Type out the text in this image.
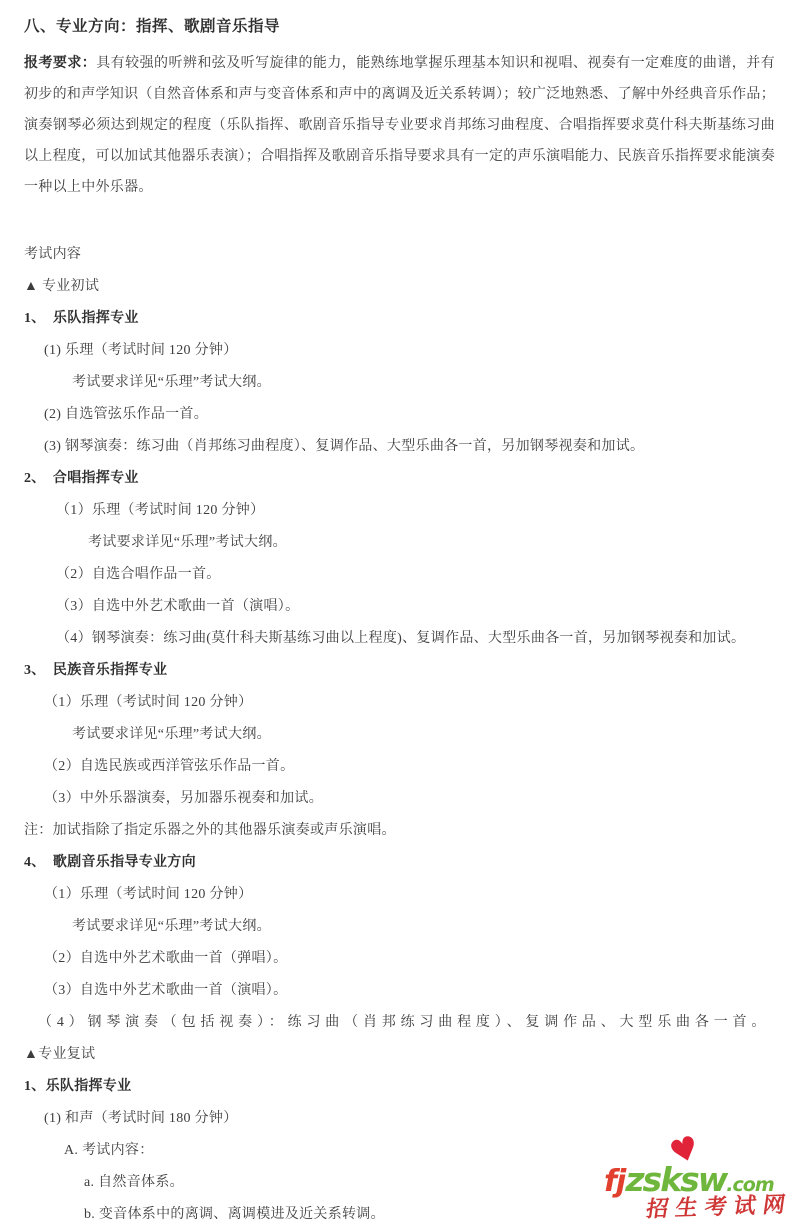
八、专业方向：指挥、歌剧音乐指导

报考要求：具有较强的听辨和弦及听写旋律的能力，能熟练地掌握乐理基本知识和视唱、视奏有一定难度的曲谱，并有初步的和声学知识（自然音体系和声与变音体系和声中的离调及近关系转调）；较广泛地熟悉、了解中外经典音乐作品；演奏钢琴必须达到规定的程度（乐队指挥、歌剧音乐指导专业要求肖邦练习曲程度、合唱指挥要求莫什科夫斯基练习曲以上程度，可以加试其他器乐表演）；合唱指挥及歌剧音乐指导要求具有一定的声乐演唱能力、民族音乐指挥要求能演奏一种以上中外乐器。

考试内容
▲ 专业初试
1、　乐队指挥专业
(1) 乐理（考试时间 120 分钟）
考试要求详见“乐理”考试大纲。
(2) 自选管弦乐作品一首。
(3) 钢琴演奏：练习曲（肖邦练习曲程度）、复调作品、大型乐曲各一首，另加钢琴视奏和加试。
2、　合唱指挥专业
（1）乐理（考试时间 120 分钟）
考试要求详见“乐理”考试大纲。
（2）自选合唱作品一首。
（3）自选中外艺术歌曲一首（演唱）。
（4）钢琴演奏：练习曲(莫什科夫斯基练习曲以上程度)、复调作品、大型乐曲各一首，另加钢琴视奏和加试。
3、　民族音乐指挥专业
（1）乐理（考试时间 120 分钟）
考试要求详见“乐理”考试大纲。
（2）自选民族或西洋管弦乐作品一首。
（3）中外乐器演奏，另加器乐视奏和加试。
注：加试指除了指定乐器之外的其他器乐演奏或声乐演唱。
4、　歌剧音乐指导专业方向
（1）乐理（考试时间 120 分钟）
考试要求详见“乐理”考试大纲。
（2）自选中外艺术歌曲一首（弹唱）。
（3）自选中外艺术歌曲一首（演唱）。
（4）钢琴演奏（包括视奏）：练习曲（肖邦练习曲程度）、复调作品、大型乐曲各一首。
▲专业复试
1、乐队指挥专业
(1) 和声（考试时间 180 分钟）
A. 考试内容：
a. 自然音体系。
b. 变音体系中的离调、离调模进及近关系转调。
♥
fjzsksw.com
招生考试网
